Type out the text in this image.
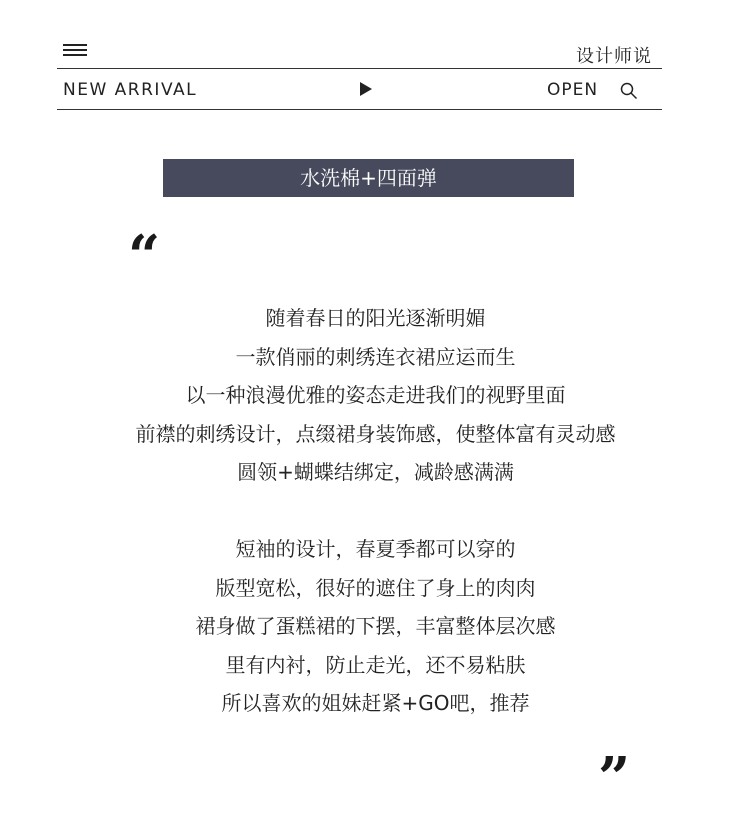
设计师说
NEW ARRIVAL	OPEN
水洗棉+四面弹
“
随着春日的阳光逐渐明媚
一款俏丽的刺绣连衣裙应运而生
以一种浪漫优雅的姿态走进我们的视野里面
前襟的刺绣设计，点缀裙身装饰感，使整体富有灵动感
圆领+蝴蝶结绑定，减龄感满满
短袖的设计，春夏季都可以穿的
版型宽松，很好的遮住了身上的肉肉
裙身做了蛋糕裙的下摆，丰富整体层次感
里有内衬，防止走光，还不易粘肤
所以喜欢的姐妹赶紧+GO吧，推荐
”
